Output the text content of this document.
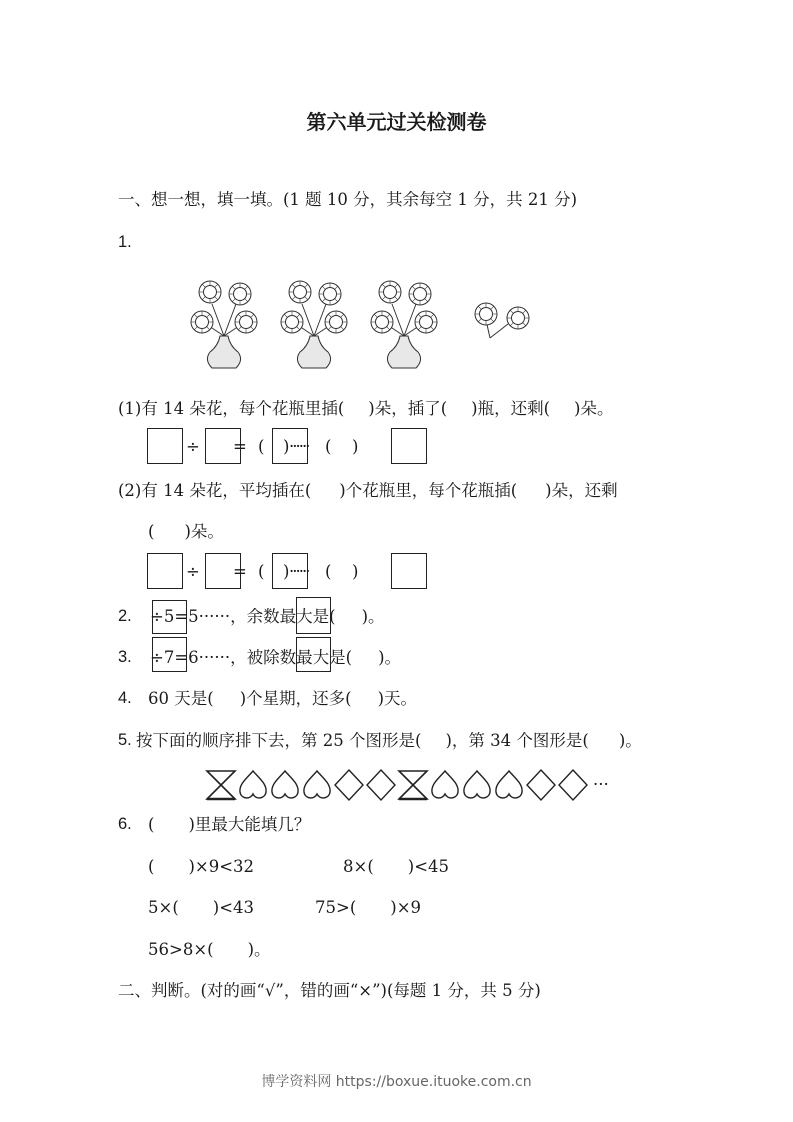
第六单元过关检测卷
一、想一想，填一填。(1 题 10 分，其余每空 1 分，共 21 分)
1.
(1)有 14 朵花，每个花瓶里插( )朵，插了( )瓶，还剩( )朵。
÷ = ( ) ······ ( )
(2)有 14 朵花，平均插在( )个花瓶里，每个花瓶插( )朵，还剩
( )朵。
÷ = ( ) ······ ( )
2. ÷5=5······，余数最大是( )。
3. ÷7=6······，被除数最大是( )。
4. 60 天是( )个星期，还多( )天。
5. 按下面的顺序排下去，第 25 个图形是( )，第 34 个图形是( )。
···
6. ( )里最大能填几？
( )×9<32	8×( )<45
5×( )<43	75>( )×9
56>8×( )。
二、判断。(对的画“√”，错的画“×”)(每题 1 分，共 5 分)
博学资料网 https://boxue.ituoke.com.cn
